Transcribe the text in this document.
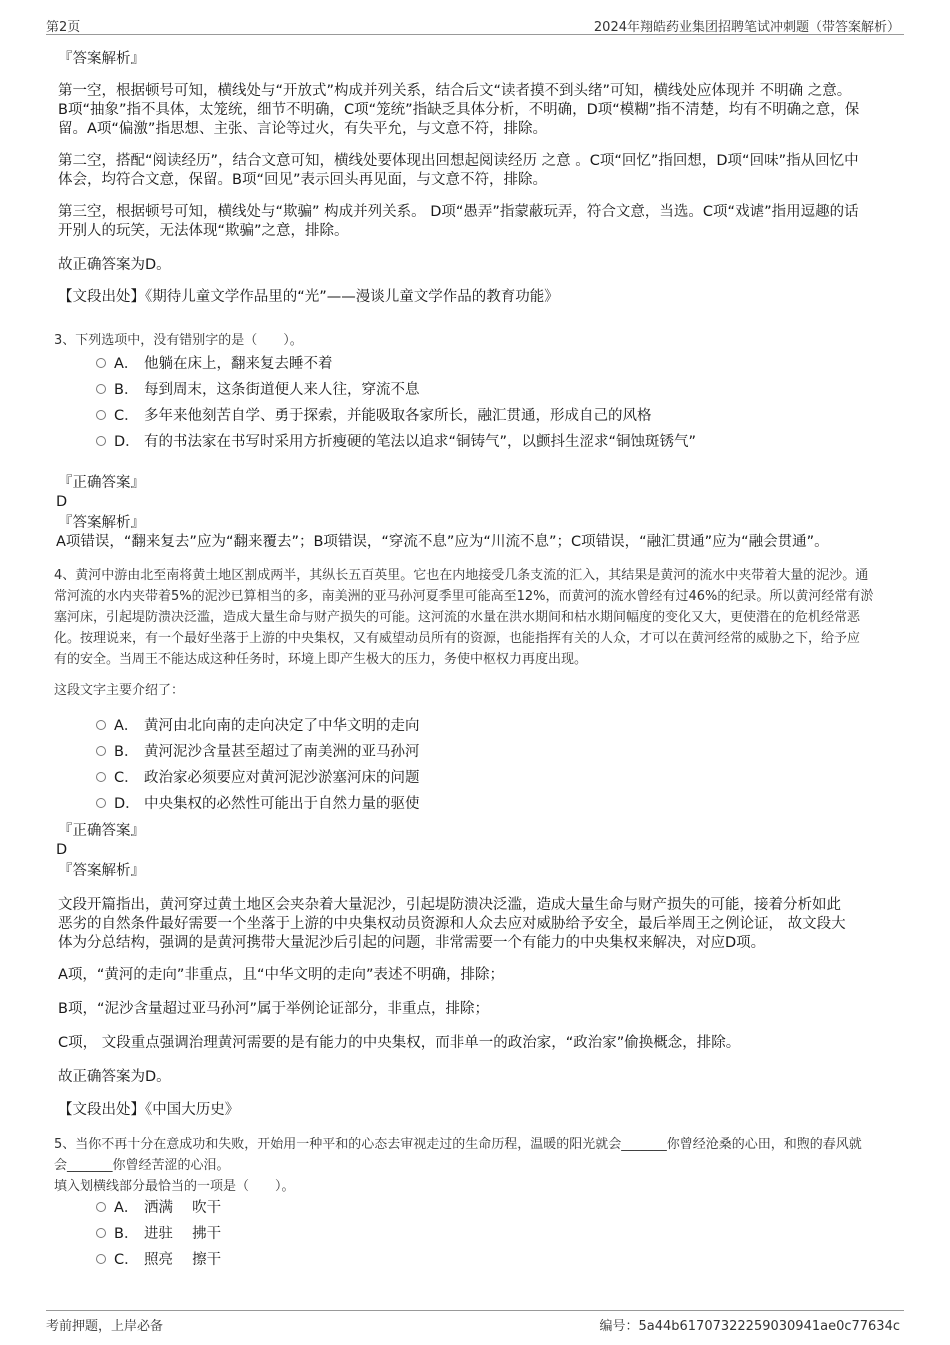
第2页	2024年翔皓药业集团招聘笔试冲刺题（带答案解析）
『答案解析』
第一空，根据顿号可知，横线处与“开放式”构成并列关系，结合后文“读者摸不到头绪”可知，横线处应体现并 不明确 之意。
B项“抽象”指不具体，太笼统，细节不明确，C项“笼统”指缺乏具体分析，不明确，D项“模糊”指不清楚，均有不明确之意，保
留。A项“偏激”指思想、主张、言论等过火，有失平允，与文意不符，排除。
第二空，搭配“阅读经历”，结合文意可知，横线处要体现出回想起阅读经历 之意 。C项“回忆”指回想，D项“回味”指从回忆中
体会，均符合文意，保留。B项“回见”表示回头再见面，与文意不符，排除。
第三空，根据顿号可知，横线处与“欺骗” 构成并列关系。 D项“愚弄”指蒙蔽玩弄，符合文意，当选。C项“戏谑”指用逗趣的话
开别人的玩笑，无法体现“欺骗”之意，排除。
故正确答案为D。
【文段出处】《期待儿童文学作品里的“光”——漫谈儿童文学作品的教育功能》
3、下列选项中，没有错别字的是（　　）。
A． 他躺在床上，翻来复去睡不着
B． 每到周末，这条街道便人来人往，穿流不息
C． 多年来他刻苦自学、勇于探索，并能吸取各家所长，融汇贯通，形成自己的风格
D． 有的书法家在书写时采用方折瘦硬的笔法以追求“铜铸气”，以颤抖生涩求“铜蚀斑锈气”
『正确答案』
D
『答案解析』
A项错误，“翻来复去”应为“翻来覆去”；B项错误，“穿流不息”应为“川流不息”；C项错误，“融汇贯通”应为“融会贯通”。
4、黄河中游由北至南将黄土地区割成两半，其纵长五百英里。它也在内地接受几条支流的汇入，其结果是黄河的流水中夹带着大量的泥沙。通
常河流的水内夹带着5%的泥沙已算相当的多，南美洲的亚马孙河夏季里可能高至12%，而黄河的流水曾经有过46%的纪录。所以黄河经常有淤
塞河床，引起堤防溃决泛滥，造成大量生命与财产损失的可能。这河流的水量在洪水期间和枯水期间幅度的变化又大，更使潜在的危机经常恶
化。按理说来，有一个最好坐落于上游的中央集权，又有威望动员所有的资源，也能指挥有关的人众，才可以在黄河经常的威胁之下，给予应
有的安全。当周王不能达成这种任务时，环境上即产生极大的压力，务使中枢权力再度出现。
这段文字主要介绍了：
A． 黄河由北向南的走向决定了中华文明的走向
B． 黄河泥沙含量甚至超过了南美洲的亚马孙河
C． 政治家必须要应对黄河泥沙淤塞河床的问题
D． 中央集权的必然性可能出于自然力量的驱使
『正确答案』
D
『答案解析』
文段开篇指出，黄河穿过黄土地区会夹杂着大量泥沙，引起堤防溃决泛滥，造成大量生命与财产损失的可能，接着分析如此
恶劣的自然条件最好需要一个坐落于上游的中央集权动员资源和人众去应对威胁给予安全，最后举周王之例论证， 故文段大
体为分总结构，强调的是黄河携带大量泥沙后引起的问题，非常需要一个有能力的中央集权来解决，对应D项。
A项，“黄河的走向”非重点，且“中华文明的走向”表述不明确，排除；
B项，“泥沙含量超过亚马孙河”属于举例论证部分，非重点，排除；
C项， 文段重点强调治理黄河需要的是有能力的中央集权，而非单一的政治家，“政治家”偷换概念，排除。
故正确答案为D。
【文段出处】《中国大历史》
5、当你不再十分在意成功和失败，开始用一种平和的心态去审视走过的生命历程，温暖的阳光就会_______你曾经沧桑的心田，和煦的春风就
会_______你曾经苦涩的心泪。
填入划横线部分最恰当的一项是（　　）。
A． 洒满　 吹干
B． 进驻　 拂干
C． 照亮　 擦干
考前押题，上岸必备	编号：5a44b61707322259030941ae0c77634c
